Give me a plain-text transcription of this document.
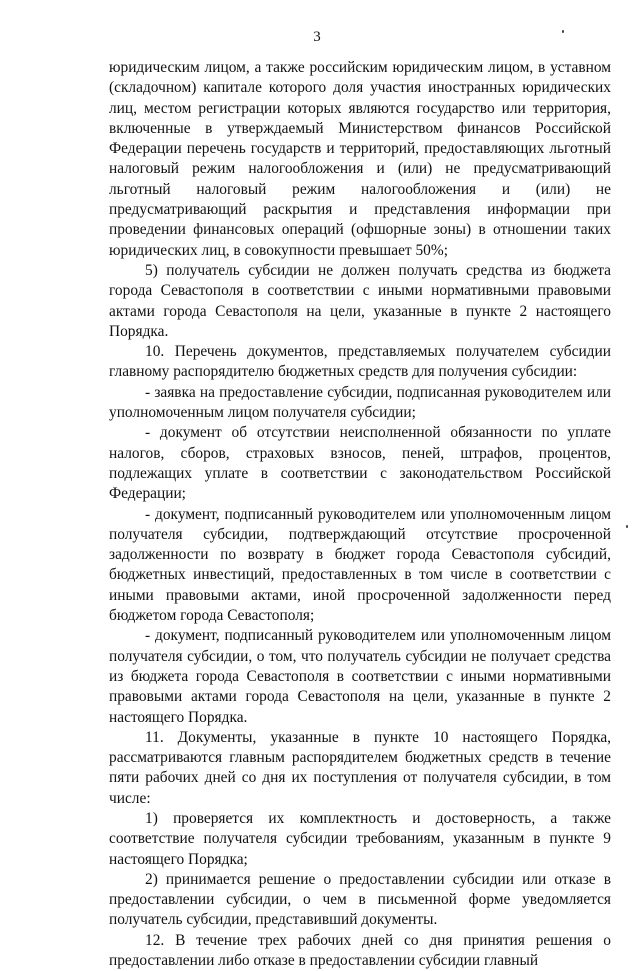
3

юридическим лицом, а также российским юридическим лицом, в уставном (складочном) капитале которого доля участия иностранных юридических лиц, местом регистрации которых являются государство или территория, включенные в утверждаемый Министерством финансов Российской Федерации перечень государств и территорий, предоставляющих льготный налоговый режим налогообложения и (или) не предусматривающий льготный налоговый режим налогообложения и (или) не предусматривающий раскрытия и представления информации при проведении финансовых операций (офшорные зоны) в отношении таких юридических лиц, в совокупности превышает 50%;

5) получатель субсидии не должен получать средства из бюджета города Севастополя в соответствии с иными нормативными правовыми актами города Севастополя на цели, указанные в пункте 2 настоящего Порядка.

10. Перечень документов, представляемых получателем субсидии главному распорядителю бюджетных средств для получения субсидии:

- заявка на предоставление субсидии, подписанная руководителем или уполномоченным лицом получателя субсидии;

- документ об отсутствии неисполненной обязанности по уплате налогов, сборов, страховых взносов, пеней, штрафов, процентов, подлежащих уплате в соответствии с законодательством Российской Федерации;

- документ, подписанный руководителем или уполномоченным лицом получателя субсидии, подтверждающий отсутствие просроченной задолженности по возврату в бюджет города Севастополя субсидий, бюджетных инвестиций, предоставленных в том числе в соответствии с иными правовыми актами, иной просроченной задолженности перед бюджетом города Севастополя;

- документ, подписанный руководителем или уполномоченным лицом получателя субсидии, о том, что получатель субсидии не получает средства из бюджета города Севастополя в соответствии с иными нормативными правовыми актами города Севастополя на цели, указанные в пункте 2 настоящего Порядка.

11. Документы, указанные в пункте 10 настоящего Порядка, рассматриваются главным распорядителем бюджетных средств в течение пяти рабочих дней со дня их поступления от получателя субсидии, в том числе:

1) проверяется их комплектность и достоверность, а также соответствие получателя субсидии требованиям, указанным в пункте 9 настоящего Порядка;

2) принимается решение о предоставлении субсидии или отказе в предоставлении субсидии, о чем в письменной форме уведомляется получатель субсидии, представивший документы.

12. В течение трех рабочих дней со дня принятия решения о предоставлении либо отказе в предоставлении субсидии главный
